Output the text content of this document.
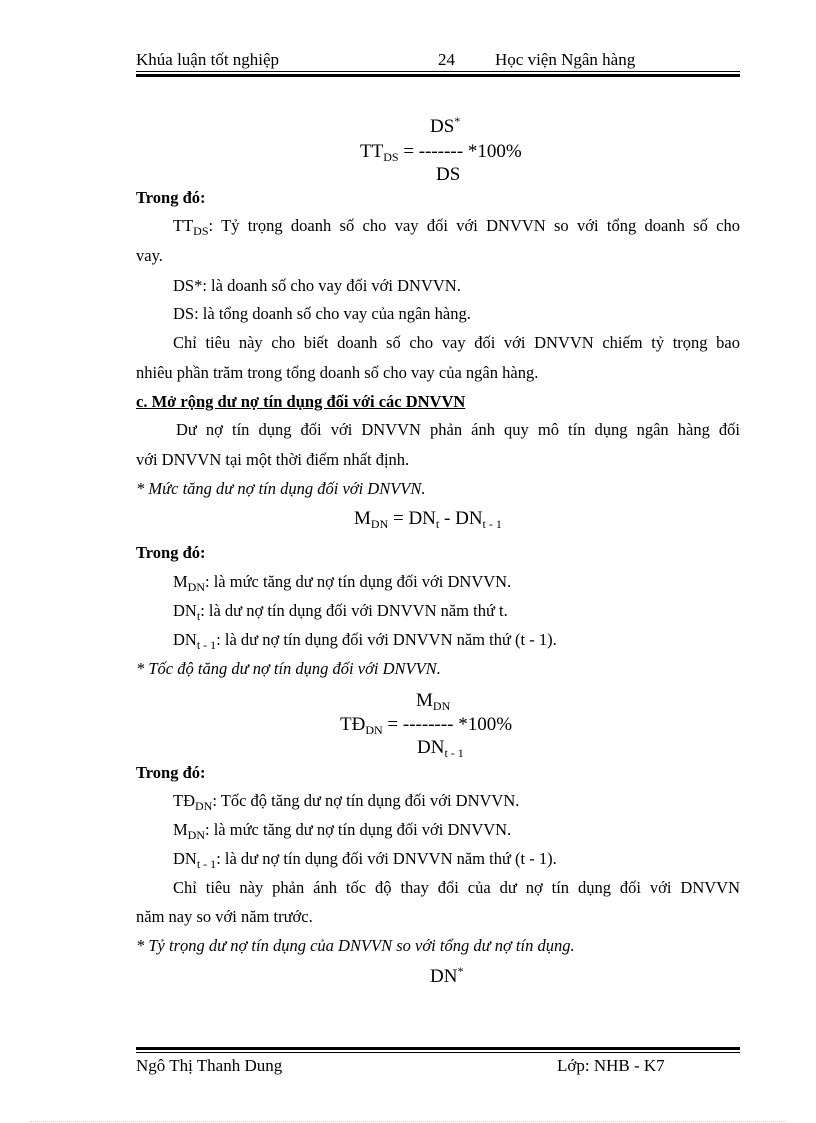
Khúa luận tốt nghiệp	24 Học viện Ngân hàng
DS*
$TT_{DS}$ = ------- *100%
DS
Trong đó:
$TT_{DS}$: Tỷ trọng doanh số cho vay đối với DNVVN so với tổng doanh số cho
vay.
DS*: là doanh số cho vay đối với DNVVN.
DS: là tổng doanh số cho vay của ngân hàng.
Chỉ tiêu này cho biết doanh số cho vay đối với DNVVN chiếm tỷ trọng bao
nhiêu phần trăm trong tổng doanh số cho vay của ngân hàng.
c. Mở rộng dư nợ tín dụng đối với các DNVVN
Dư nợ tín dụng đối với DNVVN phản ánh quy mô tín dụng ngân hàng đối
với DNVVN tại một thời điểm nhất định.
* Mức tăng dư nợ tín dụng đối với DNVVN.
$M_{DN} = DN_t - DN_{t - 1}$
Trong đó:
$M_{DN}$: là mức tăng dư nợ tín dụng đối với DNVVN.
$DN_t$: là dư nợ tín dụng đối với DNVVN năm thứ t.
$DN_{t - 1}$: là dư nợ tín dụng đối với DNVVN năm thứ (t - 1).
* Tốc độ tăng dư nợ tín dụng đối với DNVVN.
$M_{DN}$
$TĐ_{DN}$ = -------- *100%
$DN_{t - 1}$
Trong đó:
$TĐ_{DN}$: Tốc độ tăng dư nợ tín dụng đối với DNVVN.
$M_{DN}$: là mức tăng dư nợ tín dụng đối với DNVVN.
$DN_{t - 1}$: là dư nợ tín dụng đối với DNVVN năm thứ (t - 1).
Chỉ tiêu này phản ánh tốc độ thay đổi của dư nợ tín dụng đối với DNVVN
năm nay so với năm trước.
* Tỷ trọng dư nợ tín dụng của DNVVN so với tổng dư nợ tín dụng.
DN*
Ngô Thị Thanh Dung	Lớp: NHB - K7
